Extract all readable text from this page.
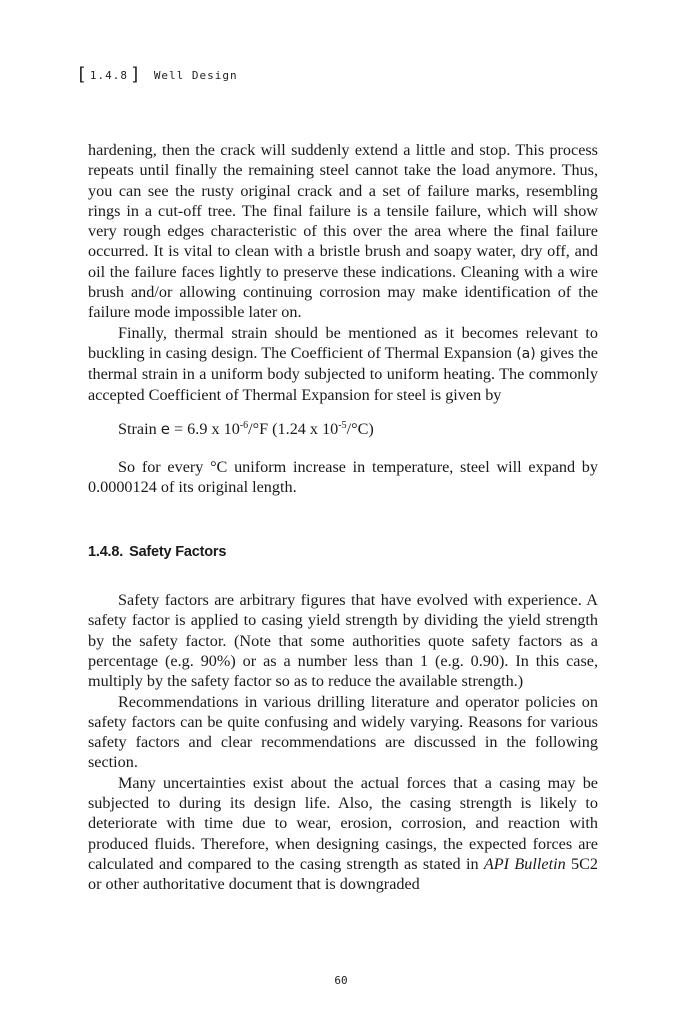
[ 1.4.8 ] Well Design

hardening, then the crack will suddenly extend a little and stop. This process repeats until finally the remaining steel cannot take the load anymore. Thus, you can see the rusty original crack and a set of failure marks, resembling rings in a cut-off tree. The final failure is a tensile failure, which will show very rough edges characteristic of this over the area where the final failure occurred. It is vital to clean with a bristle brush and soapy water, dry off, and oil the failure faces lightly to preserve these indications. Cleaning with a wire brush and/or allowing continuing corrosion may make identification of the failure mode impossible later on.

Finally, thermal strain should be mentioned as it becomes relevant to buckling in casing design. The Coefficient of Thermal Expansion (a) gives the thermal strain in a uniform body subjected to uniform heating. The commonly accepted Coefficient of Thermal Expansion for steel is given by

Strain e = 6.9 x $10^{-6}/^\circ F$ (1.24 x $10^{-5}/^\circ C$)

So for every °C uniform increase in temperature, steel will expand by 0.0000124 of its original length.

1.4.8. Safety Factors

Safety factors are arbitrary figures that have evolved with experience. A safety factor is applied to casing yield strength by dividing the yield strength by the safety factor. (Note that some authorities quote safety factors as a percentage (e.g. 90%) or as a number less than 1 (e.g. 0.90). In this case, multiply by the safety factor so as to reduce the available strength.)

Recommendations in various drilling literature and operator policies on safety factors can be quite confusing and widely varying. Reasons for various safety factors and clear recommendations are discussed in the following section.

Many uncertainties exist about the actual forces that a casing may be subjected to during its design life. Also, the casing strength is likely to deteriorate with time due to wear, erosion, corrosion, and reaction with produced fluids. Therefore, when designing casings, the expected forces are calculated and compared to the casing strength as stated in API Bulletin 5C2 or other authoritative document that is downgraded

60
